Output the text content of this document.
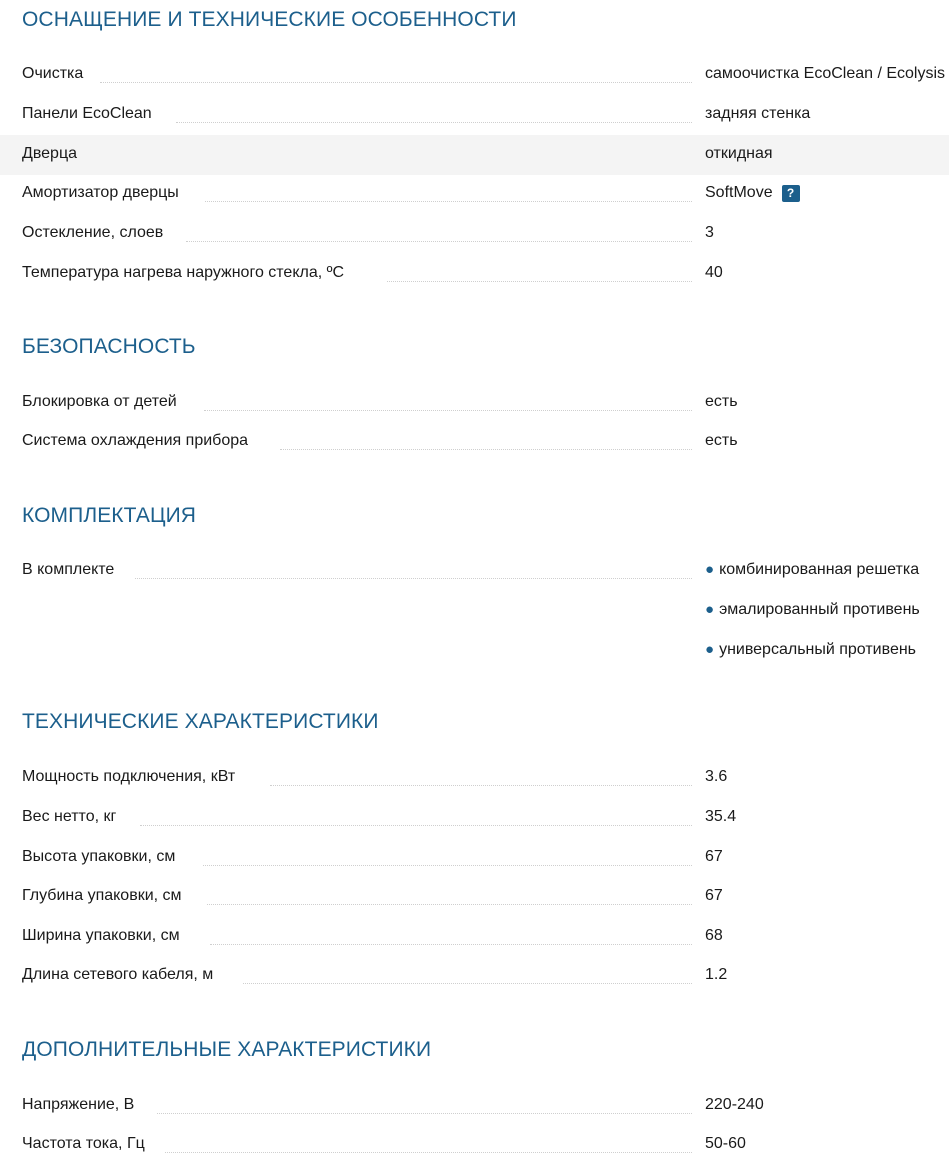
ОСНАЩЕНИЕ И ТЕХНИЧЕСКИЕ ОСОБЕННОСТИ
Очистка	самоочистка EcoClean / Ecolysis
Панели EcoClean	задняя стенка
Дверца	откидная
Амортизатор дверцы	SoftMove	?
Остекление, слоев	3
Температура нагрева наружного стекла, ºС	40
БЕЗОПАСНОСТЬ
Блокировка от детей	есть
Система охлаждения прибора	есть
КОМПЛЕКТАЦИЯ
В комплекте	● комбинированная решетка
● эмалированный противень
● универсальный противень
ТЕХНИЧЕСКИЕ ХАРАКТЕРИСТИКИ
Мощность подключения, кВт	3.6
Вес нетто, кг	35.4
Высота упаковки, см	67
Глубина упаковки, см	67
Ширина упаковки, см	68
Длина сетевого кабеля, м	1.2
ДОПОЛНИТЕЛЬНЫЕ ХАРАКТЕРИСТИКИ
Напряжение, В	220-240
Частота тока, Гц	50-60
